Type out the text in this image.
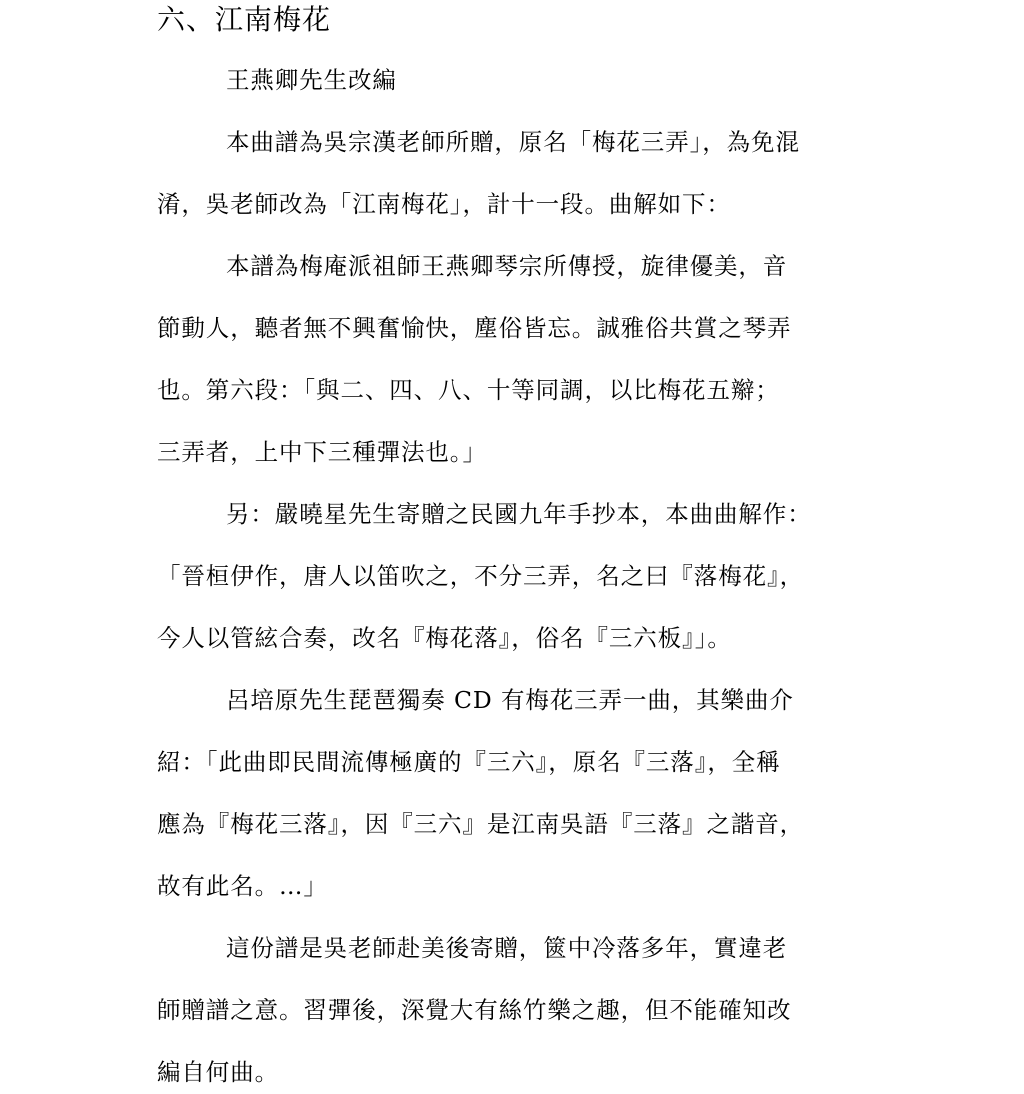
六、江南梅花

王燕卿先生改編

本曲譜為吳宗漢老師所贈，原名「梅花三弄」，為免混

淆，吳老師改為「江南梅花」，計十一段。曲解如下：

本譜為梅庵派祖師王燕卿琴宗所傳授，旋律優美，音

節動人，聽者無不興奮愉快，塵俗皆忘。誠雅俗共賞之琴弄

也。第六段：「與二、四、八、十等同調，以比梅花五辮；

三弄者，上中下三種彈法也。」

另：嚴曉星先生寄贈之民國九年手抄本，本曲曲解作：

「晉桓伊作，唐人以笛吹之，不分三弄，名之曰『落梅花』，

今人以管絃合奏，改名『梅花落』，俗名『三六板』」。

呂培原先生琵琶獨奏 CD 有梅花三弄一曲，其樂曲介

紹：「此曲即民間流傳極廣的『三六』，原名『三落』，全稱

應為『梅花三落』，因『三六』是江南吳語『三落』之諧音，

故有此名。…」

這份譜是吳老師赴美後寄贈，篋中冷落多年，實違老

師贈譜之意。習彈後，深覺大有絲竹樂之趣，但不能確知改

編自何曲。
